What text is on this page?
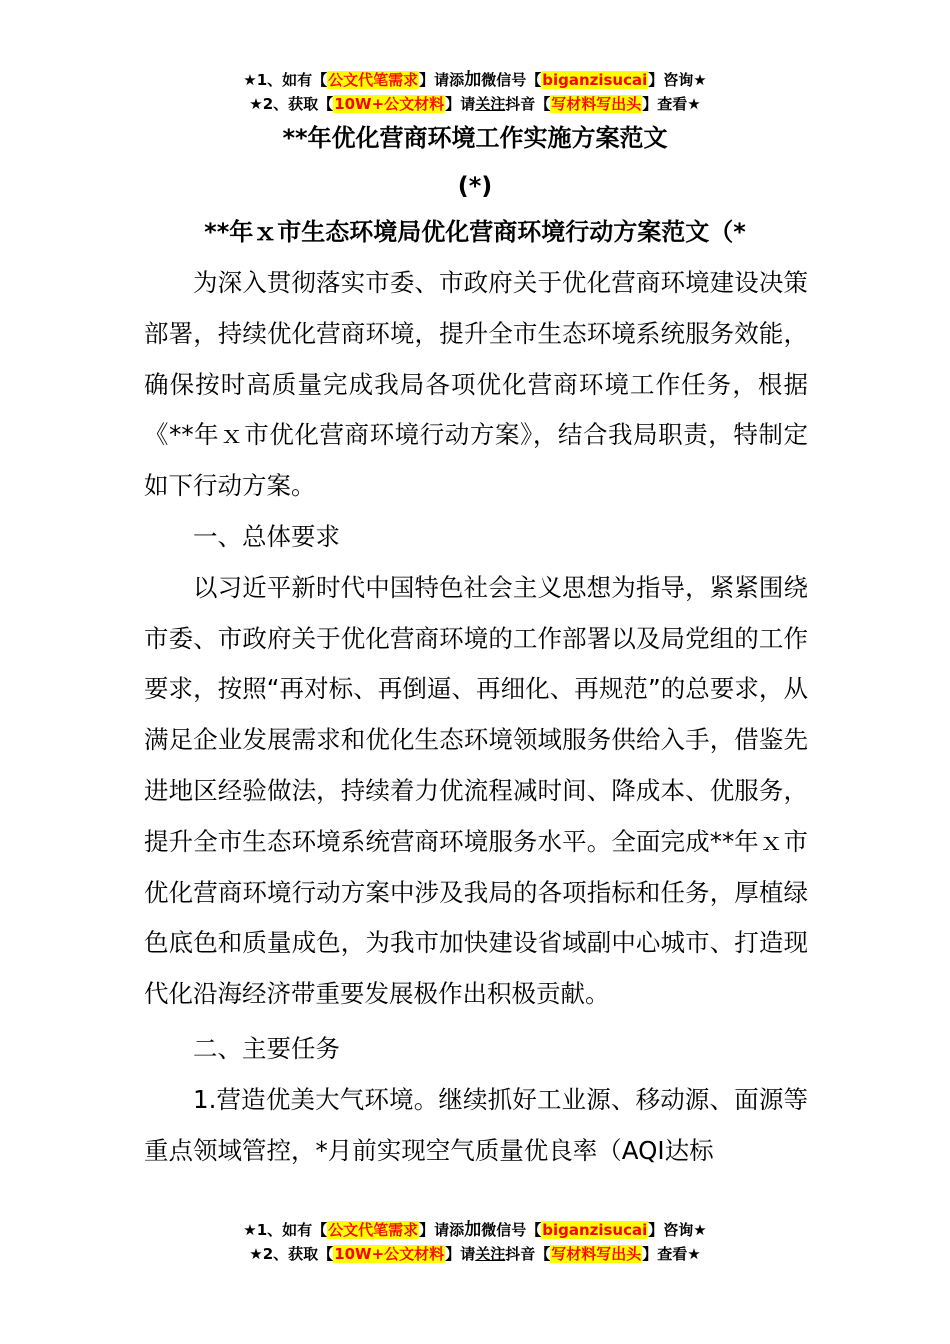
★1、如有【公文代笔需求】请添加微信号【biganzisucai】咨询★
★2、获取【10W+公文材料】请关注抖音【写材料写出头】查看★
**年优化营商环境工作实施方案范文
(*)
**年ｘ市生态环境局优化营商环境行动方案范文（*

为深入贯彻落实市委、市政府关于优化营商环境建设决策部署，持续优化营商环境，提升全市生态环境系统服务效能，确保按时高质量完成我局各项优化营商环境工作任务，根据《**年ｘ市优化营商环境行动方案》，结合我局职责，特制定如下行动方案。

一、总体要求

以习近平新时代中国特色社会主义思想为指导，紧紧围绕市委、市政府关于优化营商环境的工作部署以及局党组的工作要求，按照“再对标、再倒逼、再细化、再规范”的总要求，从满足企业发展需求和优化生态环境领域服务供给入手，借鉴先进地区经验做法，持续着力优流程减时间、降成本、优服务，提升全市生态环境系统营商环境服务水平。全面完成**年ｘ市优化营商环境行动方案中涉及我局的各项指标和任务，厚植绿色底色和质量成色，为我市加快建设省域副中心城市、打造现代化沿海经济带重要发展极作出积极贡献。

二、主要任务

1.营造优美大气环境。继续抓好工业源、移动源、面源等重点领域管控，*月前实现空气质量优良率（AQI达标

★1、如有【公文代笔需求】请添加微信号【biganzisucai】咨询★
★2、获取【10W+公文材料】请关注抖音【写材料写出头】查看★
